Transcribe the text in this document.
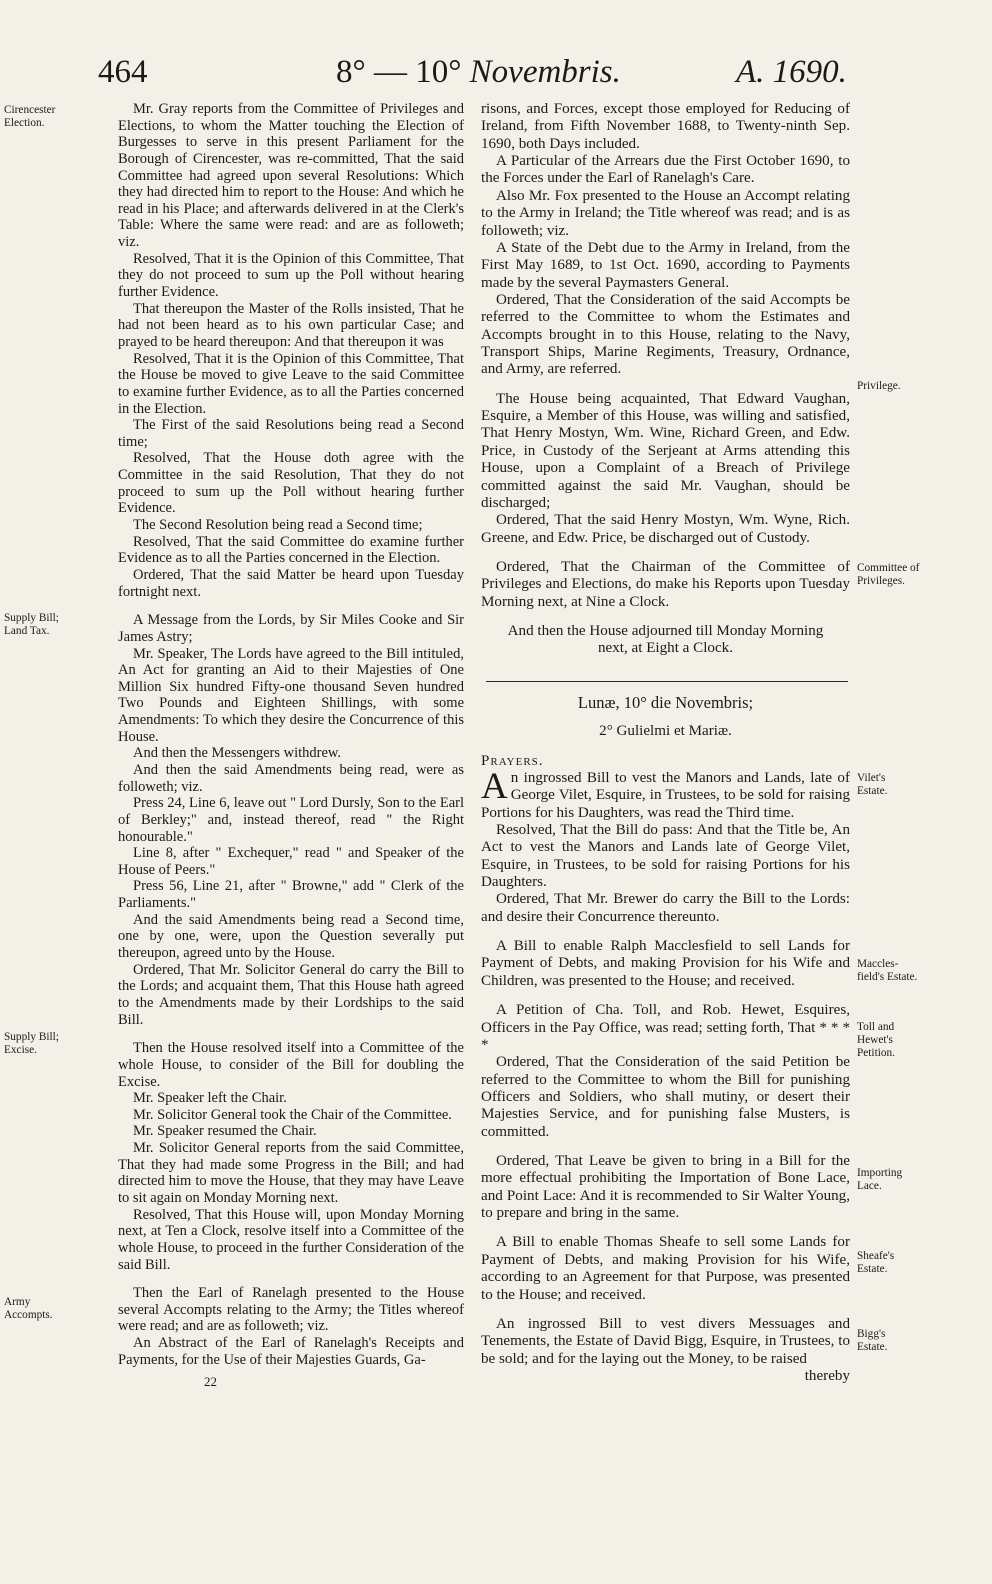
464	8° — 10° Novembris.	A. 1690.
Cirencester
Election.
Supply Bill;
Land Tax.
Supply Bill;
Excise.
Army
Accompts.
Privilege.
Committee of
Privileges.
Vilet's
Estate.
Maccles-
field's Estate.
Toll and
Hewet's
Petition.
Importing
Lace.
Sheafe's
Estate.
Bigg's
Estate.

Mr. Gray reports from the Committee of Privileges and Elections, to whom the Matter touching the Election of Burgesses to serve in this present Parliament for the Borough of Cirencester, was re-committed, That the said Committee had agreed upon several Resolutions: Which they had directed him to report to the House: And which he read in his Place; and afterwards delivered in at the Clerk's Table: Where the same were read: and are as followeth; viz.

Resolved, That it is the Opinion of this Committee, That they do not proceed to sum up the Poll without hearing further Evidence.

That thereupon the Master of the Rolls insisted, That he had not been heard as to his own particular Case; and prayed to be heard thereupon: And that thereupon it was

Resolved, That it is the Opinion of this Committee, That the House be moved to give Leave to the said Committee to examine further Evidence, as to all the Parties concerned in the Election.

The First of the said Resolutions being read a Second time;

Resolved, That the House doth agree with the Committee in the said Resolution, That they do not proceed to sum up the Poll without hearing further Evidence.

The Second Resolution being read a Second time;

Resolved, That the said Committee do examine further Evidence as to all the Parties concerned in the Election.

Ordered, That the said Matter be heard upon Tuesday fortnight next.

A Message from the Lords, by Sir Miles Cooke and Sir James Astry;

Mr. Speaker, The Lords have agreed to the Bill intituled, An Act for granting an Aid to their Majesties of One Million Six hundred Fifty-one thousand Seven hundred Two Pounds and Eighteen Shillings, with some Amendments: To which they desire the Concurrence of this House.

And then the Messengers withdrew.

And then the said Amendments being read, were as followeth; viz.

Press 24, Line 6, leave out " Lord Dursly, Son to the Earl of Berkley;" and, instead thereof, read " the Right honourable."

Line 8, after " Exchequer," read " and Speaker of the House of Peers."

Press 56, Line 21, after " Browne," add " Clerk of the Parliaments."

And the said Amendments being read a Second time, one by one, were, upon the Question severally put thereupon, agreed unto by the House.

Ordered, That Mr. Solicitor General do carry the Bill to the Lords; and acquaint them, That this House hath agreed to the Amendments made by their Lordships to the said Bill.

Then the House resolved itself into a Committee of the whole House, to consider of the Bill for doubling the Excise.

Mr. Speaker left the Chair.

Mr. Solicitor General took the Chair of the Committee.

Mr. Speaker resumed the Chair.

Mr. Solicitor General reports from the said Committee, That they had made some Progress in the Bill; and had directed him to move the House, that they may have Leave to sit again on Monday Morning next.

Resolved, That this House will, upon Monday Morning next, at Ten a Clock, resolve itself into a Committee of the whole House, to proceed in the further Consideration of the said Bill.

Then the Earl of Ranelagh presented to the House several Accompts relating to the Army; the Titles whereof were read; and are as followeth; viz.

An Abstract of the Earl of Ranelagh's Receipts and Payments, for the Use of their Majesties Guards, Ga-

22

risons, and Forces, except those employed for Reducing of Ireland, from Fifth November 1688, to Twenty-ninth Sep. 1690, both Days included.

A Particular of the Arrears due the First October 1690, to the Forces under the Earl of Ranelagh's Care.

Also Mr. Fox presented to the House an Accompt relating to the Army in Ireland; the Title whereof was read; and is as followeth; viz.

A State of the Debt due to the Army in Ireland, from the First May 1689, to 1st Oct. 1690, according to Payments made by the several Paymasters General.

Ordered, That the Consideration of the said Accompts be referred to the Committee to whom the Estimates and Accompts brought in to this House, relating to the Navy, Transport Ships, Marine Regiments, Treasury, Ordnance, and Army, are referred.

The House being acquainted, That Edward Vaughan, Esquire, a Member of this House, was willing and satisfied, That Henry Mostyn, Wm. Wine, Richard Green, and Edw. Price, in Custody of the Serjeant at Arms attending this House, upon a Complaint of a Breach of Privilege committed against the said Mr. Vaughan, should be discharged;

Ordered, That the said Henry Mostyn, Wm. Wyne, Rich. Greene, and Edw. Price, be discharged out of Custody.

Ordered, That the Chairman of the Committee of Privileges and Elections, do make his Reports upon Tuesday Morning next, at Nine a Clock.

And then the House adjourned till Monday Morning next, at Eight a Clock.

Lunæ, 10° die Novembris;

2° Gulielmi et Mariæ.

Prayers.

An ingrossed Bill to vest the Manors and Lands, late of George Vilet, Esquire, in Trustees, to be sold for raising Portions for his Daughters, was read the Third time.

Resolved, That the Bill do pass: And that the Title be, An Act to vest the Manors and Lands late of George Vilet, Esquire, in Trustees, to be sold for raising Portions for his Daughters.

Ordered, That Mr. Brewer do carry the Bill to the Lords: and desire their Concurrence thereunto.

A Bill to enable Ralph Macclesfield to sell Lands for Payment of Debts, and making Provision for his Wife and Children, was presented to the House; and received.

A Petition of Cha. Toll, and Rob. Hewet, Esquires, Officers in the Pay Office, was read; setting forth, That * * * *

Ordered, That the Consideration of the said Petition be referred to the Committee to whom the Bill for punishing Officers and Soldiers, who shall mutiny, or desert their Majesties Service, and for punishing false Musters, is committed.

Ordered, That Leave be given to bring in a Bill for the more effectual prohibiting the Importation of Bone Lace, and Point Lace: And it is recommended to Sir Walter Young, to prepare and bring in the same.

A Bill to enable Thomas Sheafe to sell some Lands for Payment of Debts, and making Provision for his Wife, according to an Agreement for that Purpose, was presented to the House; and received.

An ingrossed Bill to vest divers Messuages and Tenements, the Estate of David Bigg, Esquire, in Trustees, to be sold; and for the laying out the Money, to be raised

thereby
